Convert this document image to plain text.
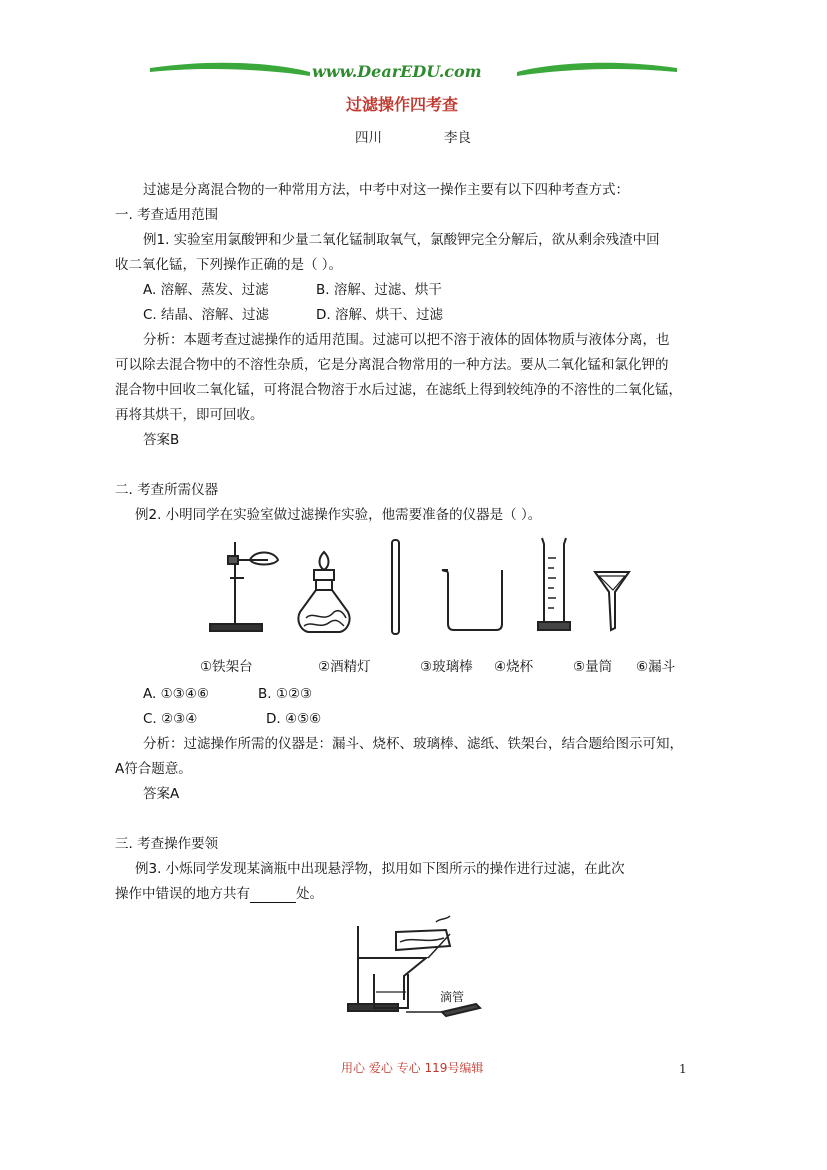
www.DearEDU.com
过滤操作四考查
四川	李良
过滤是分离混合物的一种常用方法，中考中对这一操作主要有以下四种考查方式：
一. 考查适用范围
例1. 实验室用氯酸钾和少量二氧化锰制取氧气，氯酸钾完全分解后，欲从剩余残渣中回
收二氧化锰，下列操作正确的是（ ）。
A. 溶解、蒸发、过滤	B. 溶解、过滤、烘干
C. 结晶、溶解、过滤	D. 溶解、烘干、过滤
分析：本题考查过滤操作的适用范围。过滤可以把不溶于液体的固体物质与液体分离，也
可以除去混合物中的不溶性杂质，它是分离混合物常用的一种方法。要从二氧化锰和氯化钾的
混合物中回收二氧化锰，可将混合物溶于水后过滤，在滤纸上得到较纯净的不溶性的二氧化锰，
再将其烘干，即可回收。
答案B
二. 考查所需仪器
例2. 小明同学在实验室做过滤操作实验，他需要准备的仪器是（ ）。
①铁架台	②酒精灯	③玻璃棒 ④烧杯	⑤量筒 ⑥漏斗
A. ①③④⑥	B. ①②③
C. ②③④	D. ④⑤⑥
分析：过滤操作所需的仪器是：漏斗、烧杯、玻璃棒、滤纸、铁架台，结合题给图示可知，
A符合题意。
答案A
三. 考查操作要领
例3. 小烁同学发现某滴瓶中出现悬浮物，拟用如下图所示的操作进行过滤，在此次
操作中错误的地方共有	处。
滴管
用心 爱心 专心 119号编辑	1
